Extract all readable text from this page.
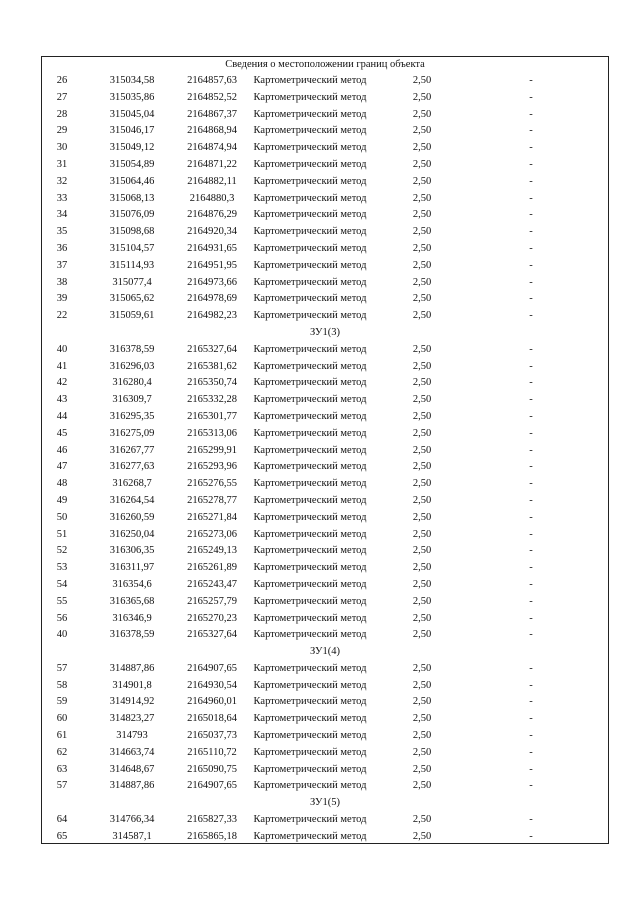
Сведения о местоположении границ объекта
26	315034,58	2164857,63	Картометрический метод	2,50	-
27	315035,86	2164852,52	Картометрический метод	2,50	-
28	315045,04	2164867,37	Картометрический метод	2,50	-
29	315046,17	2164868,94	Картометрический метод	2,50	-
30	315049,12	2164874,94	Картометрический метод	2,50	-
31	315054,89	2164871,22	Картометрический метод	2,50	-
32	315064,46	2164882,11	Картометрический метод	2,50	-
33	315068,13	2164880,3	Картометрический метод	2,50	-
34	315076,09	2164876,29	Картометрический метод	2,50	-
35	315098,68	2164920,34	Картометрический метод	2,50	-
36	315104,57	2164931,65	Картометрический метод	2,50	-
37	315114,93	2164951,95	Картометрический метод	2,50	-
38	315077,4	2164973,66	Картометрический метод	2,50	-
39	315065,62	2164978,69	Картометрический метод	2,50	-
22	315059,61	2164982,23	Картометрический метод	2,50	-
ЗУ1(3)
40	316378,59	2165327,64	Картометрический метод	2,50	-
41	316296,03	2165381,62	Картометрический метод	2,50	-
42	316280,4	2165350,74	Картометрический метод	2,50	-
43	316309,7	2165332,28	Картометрический метод	2,50	-
44	316295,35	2165301,77	Картометрический метод	2,50	-
45	316275,09	2165313,06	Картометрический метод	2,50	-
46	316267,77	2165299,91	Картометрический метод	2,50	-
47	316277,63	2165293,96	Картометрический метод	2,50	-
48	316268,7	2165276,55	Картометрический метод	2,50	-
49	316264,54	2165278,77	Картометрический метод	2,50	-
50	316260,59	2165271,84	Картометрический метод	2,50	-
51	316250,04	2165273,06	Картометрический метод	2,50	-
52	316306,35	2165249,13	Картометрический метод	2,50	-
53	316311,97	2165261,89	Картометрический метод	2,50	-
54	316354,6	2165243,47	Картометрический метод	2,50	-
55	316365,68	2165257,79	Картометрический метод	2,50	-
56	316346,9	2165270,23	Картометрический метод	2,50	-
40	316378,59	2165327,64	Картометрический метод	2,50	-
ЗУ1(4)
57	314887,86	2164907,65	Картометрический метод	2,50	-
58	314901,8	2164930,54	Картометрический метод	2,50	-
59	314914,92	2164960,01	Картометрический метод	2,50	-
60	314823,27	2165018,64	Картометрический метод	2,50	-
61	314793	2165037,73	Картометрический метод	2,50	-
62	314663,74	2165110,72	Картометрический метод	2,50	-
63	314648,67	2165090,75	Картометрический метод	2,50	-
57	314887,86	2164907,65	Картометрический метод	2,50	-
ЗУ1(5)
64	314766,34	2165827,33	Картометрический метод	2,50	-
65	314587,1	2165865,18	Картометрический метод	2,50	-
